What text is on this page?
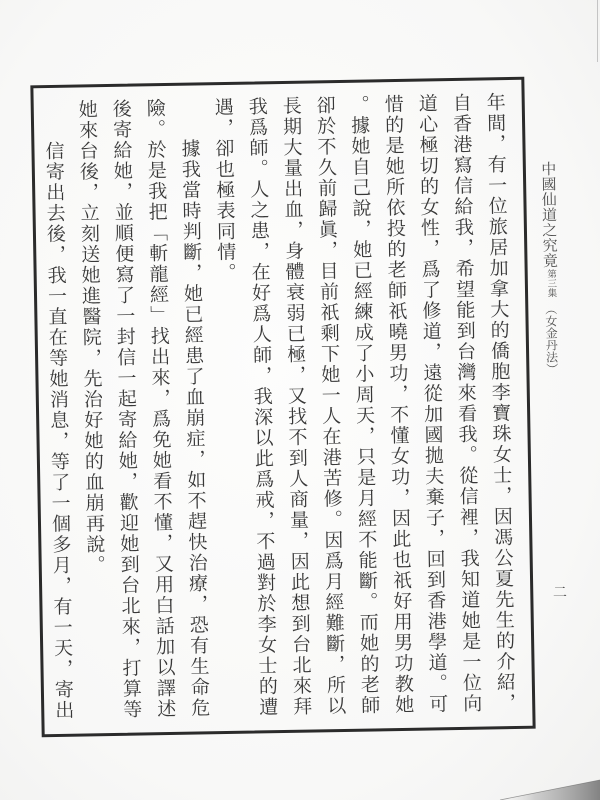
中國仙道之究竟第三集（女金丹法）
二
年間，有一位旅居加拿大的僑胞李寶珠女士，因馮公夏先生的介紹，
自香港寫信給我，希望能到台灣來看我。從信裡，我知道她是一位向
道心極切的女性，爲了修道，遠從加國拋夫棄子，回到香港學道。可
惜的是她所依投的老師祇曉男功，不懂女功，因此也祇好用男功教她
。據她自己說，她已經練成了小周天，只是月經不能斷。而她的老師
卻於不久前歸眞，目前祇剩下她一人在港苦修。因爲月經難斷，所以
長期大量出血，身體衰弱已極，又找不到人商量，因此想到台北來拜
我爲師。人之患，在好爲人師，我深以此爲戒，不過對於李女士的遭
遇，卻也極表同情。
據我當時判斷，她已經患了血崩症，如不趕快治療，恐有生命危
險。於是我把「斬龍經」找出來，爲免她看不懂，又用白話加以譯述
後寄給她，並順便寫了一封信一起寄給她，歡迎她到台北來，打算等
她來台後，立刻送她進醫院，先治好她的血崩再說。
信寄出去後，我一直在等她消息，等了一個多月，有一天，寄出
